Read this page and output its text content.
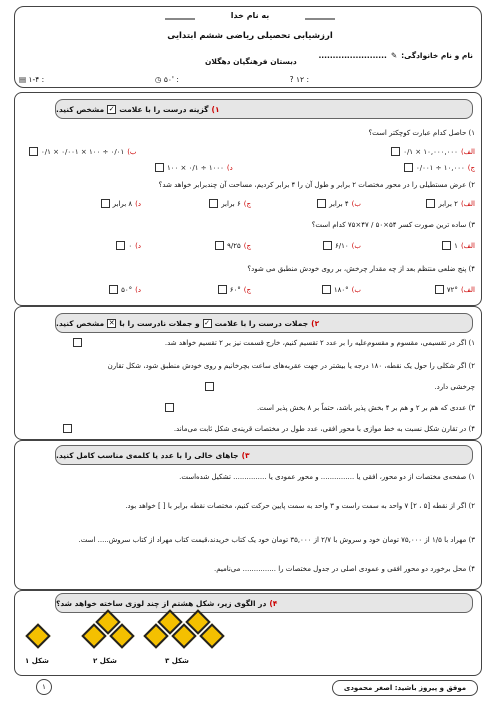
به نام خدا
ارزشیابی تحصیلی ریاضی ششم ابتدایی
نام و نام خانوادگی:
✎
........................
دبستان فرهنگیان دهگلان
▤ ۱-۴ :	◷ ۵۰' :	? ۱۲ :
۱)
گزینه درست را با علامت
✓
مشخص کنید.
۱) حاصل کدام عبارت کوچکتر است؟
الف)
۱۰,۰۰۰,۰۰۰ × ۰/۱
ب)
۰/۰۱ ÷ ۱۰۰ × ۰/۰۰۱ × ۰/۱
ج)
۱۰,۰۰۰ ÷ ۰/۰۰۱
د)
۱۰۰۰ ÷ ۰/۱ × ۱۰۰
۲) عرض مستطیلی را در محور مختصات ۲ برابر و طول آن را ۴ برابر کردیم، مساحت آن چندبرابر خواهد شد؟
الف)
۲ برابر
ب)
۴ برابر
ج)
۶ برابر
د)
۸ برابر
۳) ساده ترین صورت کسر ۵۴×۵۰ / ۴۷×۷۵ کدام است؟
الف)
۱
ب)
۶/۱۰
ج)
۹/۲۵
د)
۰
۴) پنج ضلعی منتظم بعد از چه مقدار چرخش، بر روی خودش منطبق می شود؟
الف)
۷۲°
ب)
۱۸۰°
ج)
۶۰°
د)
۵۰°
۲)
جملات درست را با علامت
✓
و جملات نادرست را با
✕
مشخص کنید.
۱) اگر در تقسیمی، مقسوم و مقسوم‌علیه را بر عدد ۲ تقسیم کنیم، خارج قسمت نیز بر ۲ تقسیم خواهد شد.
۲) اگر شکلی را حول یک نقطه، ۱۸۰ درجه یا بیشتر در جهت عقربه‌های ساعت بچرخانیم و روی خودش منطبق شود، شکل تقارن
چرخشی دارد.
۳) عددی که هم بر ۲ و هم بر ۴ بخش پذیر باشد، حتماً بر ۸ بخش پذیر است.
۴) در تقارن شکل نسبت به خط موازی با محور افقی، عدد طول در مختصات قرینه‌ی شکل ثابت می‌ماند.
۳)
جاهای خالی را با عدد یا کلمه‌ی مناسب کامل کنید.
۱) صفحه‌ی مختصات از دو محور، افقی یا ............... و محور عمودی یا ............... تشکیل شده‌است.
۲) اگر از نقطه [۵ ، ۲] ۷ واحد به سمت راست و ۳ واحد به سمت پایین حرکت کنیم، مختصات نقطه برابر با [ ] خواهد بود.
۳) مهراد با ۱/۵ از ۷۵,۰۰۰ تومان خود و سروش با ۲/۷ از ۳۵,۰۰۰ تومان خود یک کتاب خریدند،قیمت کتاب مهراد از کتاب سروش..... است.
۴) محل برخورد دو محور افقی و عمودی اصلی در جدول مختصات را ............... می‌نامیم.
۴)
در الگوی زیر، شکل هشتم از چند لوزی ساخته خواهد شد؟
شکل ۱	شکل ۲	شکل ۳
۱	موفق و پیروز باشید: اصغر محمودی
